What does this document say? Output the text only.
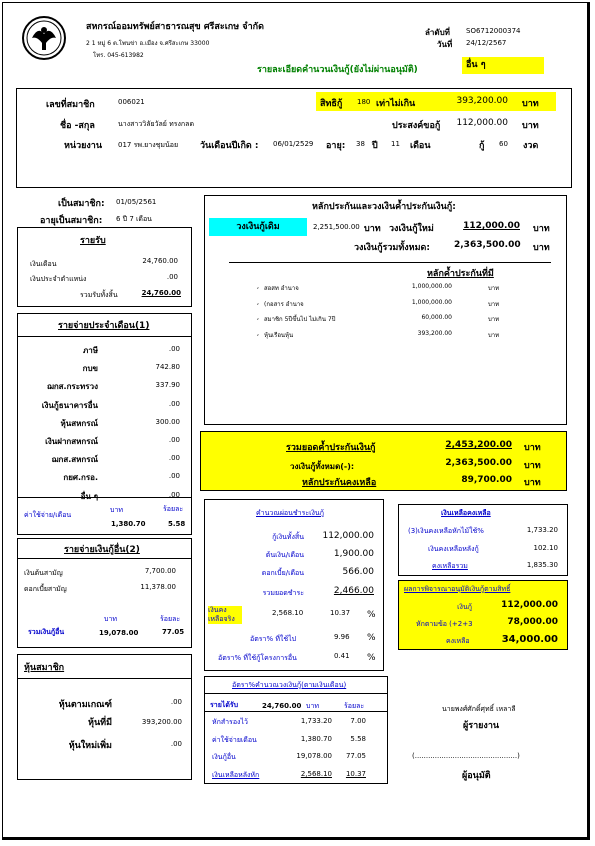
สหกรณ์ออมทรัพย์สาธารณสุข ศรีสะเกษ จำกัด
2 1 หมู่ 6 ต.โพนข่า อ.เมือง จ.ศรีสะเกษ 33000
โทร. 045-613982
ลำดับที่ SO6712000374
วันที่ 24/12/2567
รายละเอียดคำนวนเงินกู้(ยังไม่ผ่านอนุมัติ)	อื่น ๆ
เลขที่สมาชิก	006021
ชื่อ -สกุล	นางสาววิลัยวัลย์ ทรงกลด
หน่วยงาน 017 รพ.ยางชุมน้อย วันเดือนปีเกิด : 06/01/2529 อายุ: 38 ปี 11 เดือน
สิทธิกู้ 180 เท่าไม่เกิน	393,200.00 บาท
ประสงค์ขอกู้	112,000.00 บาท
กู้ 60 งวด
เป็นสมาชิก: 01/05/2561
อายุเป็นสมาชิก: 6 ปี 7 เดือน
รายรับ
เงินเดือน	24,760.00
เงินประจำตำแหน่ง	.00
รวมรับทั้งสิ้น	24,760.00
รายจ่ายประจำเดือน(1)
ภาษี	.00
กบข	742.80
ฌกส.กระทรวง	337.90
เงินกู้ธนาคารอื่น	.00
หุ้นสหกรณ์	300.00
เงินฝากสหกรณ์	.00
ฌกส.สหกรณ์	.00
กยศ.กรอ.	.00
อื่น ๆ	.00
ค่าใช้จ่าย/เดือน
บาท	ร้อยละ
1,380.70	5.58
รายจ่ายเงินกู้อื่น(2)
เงินต้นสามัญ	7,700.00
ดอกเบี้ยสามัญ	11,378.00
บาท	ร้อยละ
รวมเงินกู้อื่น	19,078.00	77.05
หุ้นสมาชิก
หุ้นตามเกณฑ์	.00
หุ้นที่มี	393,200.00
หุ้นใหม่เพิ่ม	.00
หลักประกันและวงเงินค้ำประกันเงินกู้:
วงเงินกู้เดิม	2,251,500.00 บาท วงเงินกู้ใหม่	112,000.00 บาท
วงเงินกู้รวมทั้งหมด:	2,363,500.00 บาท
หลักค้ำประกันที่มี
¸ สอสท อำนาจ	1,000,000.00	บาท
¸ (กอสาร อำนาจ	1,000,000.00	บาท
¸ สมาชิก 5ปีขึ้นไป ไม่เกิน 7ปี	60,000.00	บาท
¸ หุ้นเรือนหุ้น	393,200.00	บาท
รวมยอดค้ำประกันเงินกู้	2,453,200.00 บาท
วงเงินกู้ทั้งหมด(-):	2,363,500.00 บาท
หลักประกันคงเหลือ	89,700.00 บาท
คำนวณผ่อนชำระเงินกู้
กู้เงินทั้งสิ้น	112,000.00
ต้นเงิน/เดือน	1,900.00
ดอกเบี้ย/เดือน	566.00
รวมยอดชำระ	2,466.00
เงินคงเหลือจริง
2,568.10	10.37 %
อัตรา% ที่ใช้ไป	9.96 %
อัตรา% ที่ใช้กู้โครงการอื่น	0.41 %
เงินเหลือคงเหลือ
(3)เงินคงเหลือหักไม้ใช้%	1,733.20
เงินคงเหลือหลังกู้	102.10
คงเหลือรวม	1,835.30
ผลการพิจารณาอนุมัติเงินกู้ตามสิทธิ์
เงินกู้	112,000.00
หักตามข้อ (+2+3	78,000.00
คงเหลือ	34,000.00
อัตรา%คำนวณวงเงินกู้(ตามเงินเดือน)
รายได้รับ	24,760.00 บาท	ร้อยละ
หักสำรองไว้	1,733.20	7.00
ค่าใช้จ่ายเดือน	1,380.70	5.58
เงินกู้อื่น	19,078.00 77.05
เงินเหลือหลังหัก	2,568.10 10.37
นายพงศ์ศักดิ์ศุทธิ์ เหลาลี
ผู้รายงาน
(..............................................)
ผู้อนุมัติ
